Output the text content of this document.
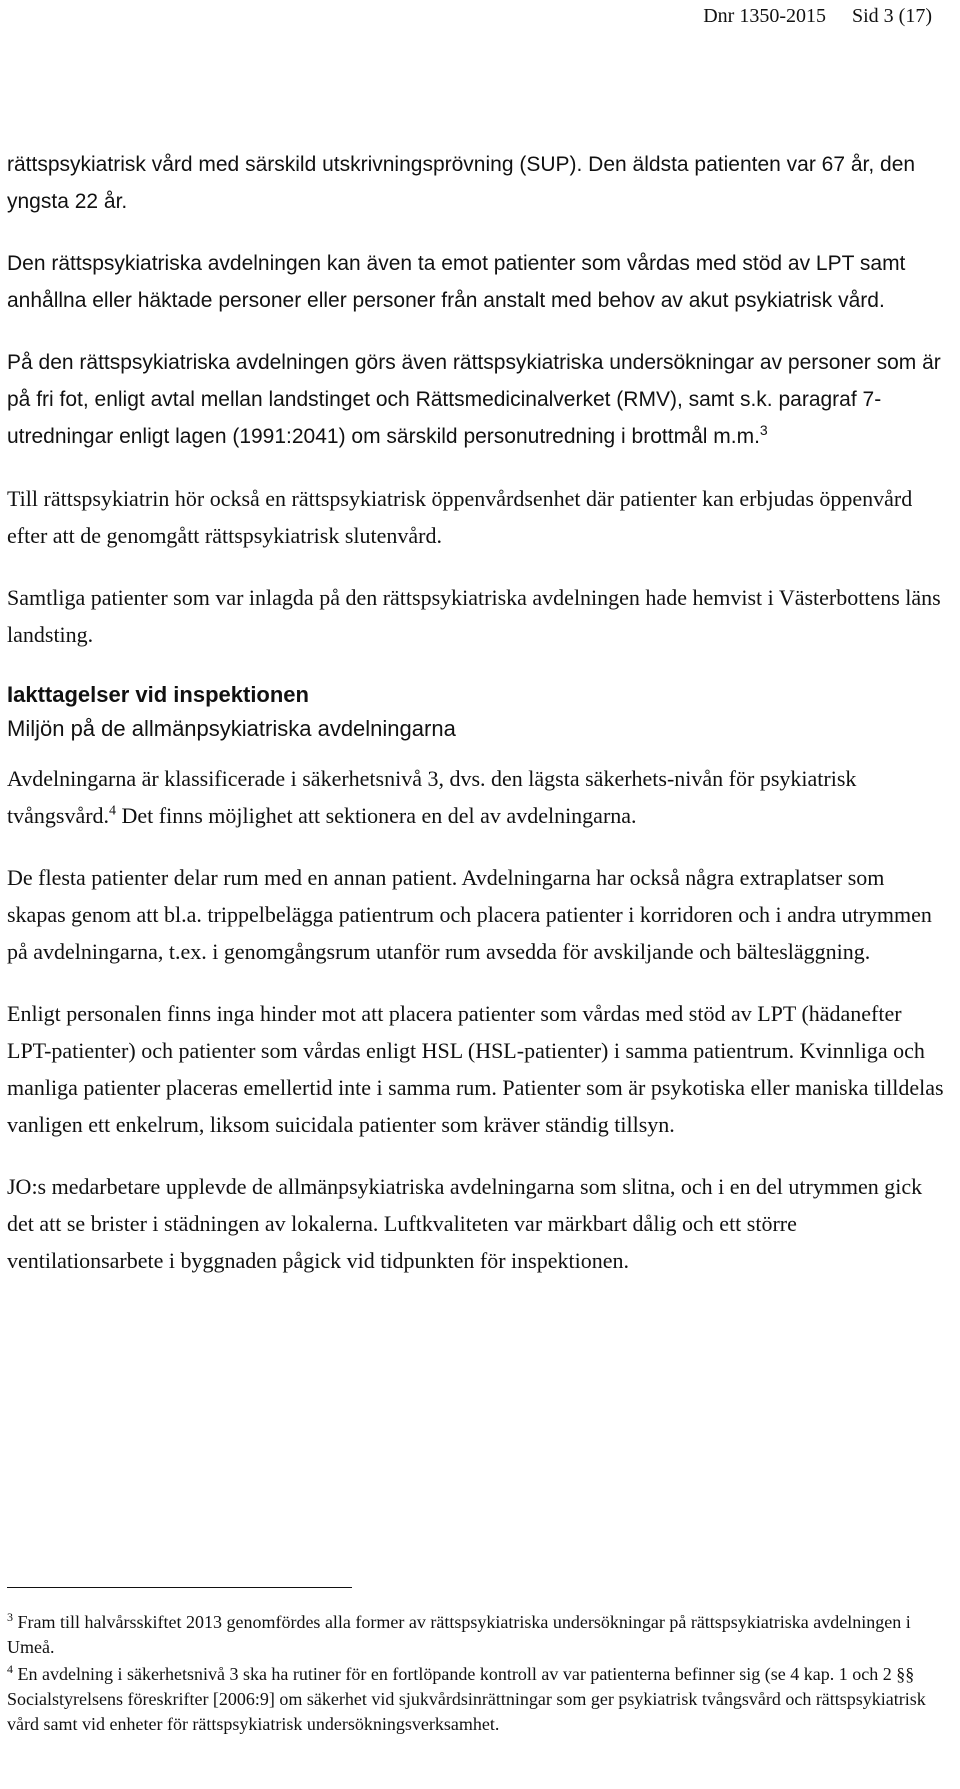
Dnr 1350-2015 Sid 3 (17)

rättspsykiatrisk vård med särskild utskrivningsprövning (SUP). Den äldsta patienten var 67 år, den yngsta 22 år.

Den rättspsykiatriska avdelningen kan även ta emot patienter som vårdas med stöd av LPT samt anhållna eller häktade personer eller personer från anstalt med behov av akut psykiatrisk vård.

På den rättspsykiatriska avdelningen görs även rättspsykiatriska undersökningar av personer som är på fri fot, enligt avtal mellan landstinget och Rättsmedicinalverket (RMV), samt s.k. paragraf 7-utredningar enligt lagen (1991:2041) om särskild personutredning i brottmål m.m.$^3$

Till rättspsykiatrin hör också en rättspsykiatrisk öppenvårdsenhet där patienter kan erbjudas öppenvård efter att de genomgått rättspsykiatrisk slutenvård.

Samtliga patienter som var inlagda på den rättspsykiatriska avdelningen hade hemvist i Västerbottens läns landsting.

Iakttagelser vid inspektionen
Miljön på de allmänpsykiatriska avdelningarna

Avdelningarna är klassificerade i säkerhetsnivå 3, dvs. den lägsta säkerhets-nivån för psykiatrisk tvångsvård.$^4$ Det finns möjlighet att sektionera en del av avdelningarna.

De flesta patienter delar rum med en annan patient. Avdelningarna har också några extraplatser som skapas genom att bl.a. trippelbelägga patientrum och placera patienter i korridoren och i andra utrymmen på avdelningarna, t.ex. i genomgångsrum utanför rum avsedda för avskiljande och bältesläggning.

Enligt personalen finns inga hinder mot att placera patienter som vårdas med stöd av LPT (hädanefter LPT-patienter) och patienter som vårdas enligt HSL (HSL-patienter) i samma patientrum. Kvinnliga och manliga patienter placeras emellertid inte i samma rum. Patienter som är psykotiska eller maniska tilldelas vanligen ett enkelrum, liksom suicidala patienter som kräver ständig tillsyn.

JO:s medarbetare upplevde de allmänpsykiatriska avdelningarna som slitna, och i en del utrymmen gick det att se brister i städningen av lokalerna. Luftkvaliteten var märkbart dålig och ett större ventilationsarbete i byggnaden pågick vid tidpunkten för inspektionen.

$^3$ Fram till halvårsskiftet 2013 genomfördes alla former av rättspsykiatriska undersökningar på rättspsykiatriska avdelningen i Umeå.

$^4$ En avdelning i säkerhetsnivå 3 ska ha rutiner för en fortlöpande kontroll av var patienterna befinner sig (se 4 kap. 1 och 2 §§ Socialstyrelsens föreskrifter [2006:9] om säkerhet vid sjukvårdsinrättningar som ger psykiatrisk tvångsvård och rättspsykiatrisk vård samt vid enheter för rättspsykiatrisk undersökningsverksamhet.
